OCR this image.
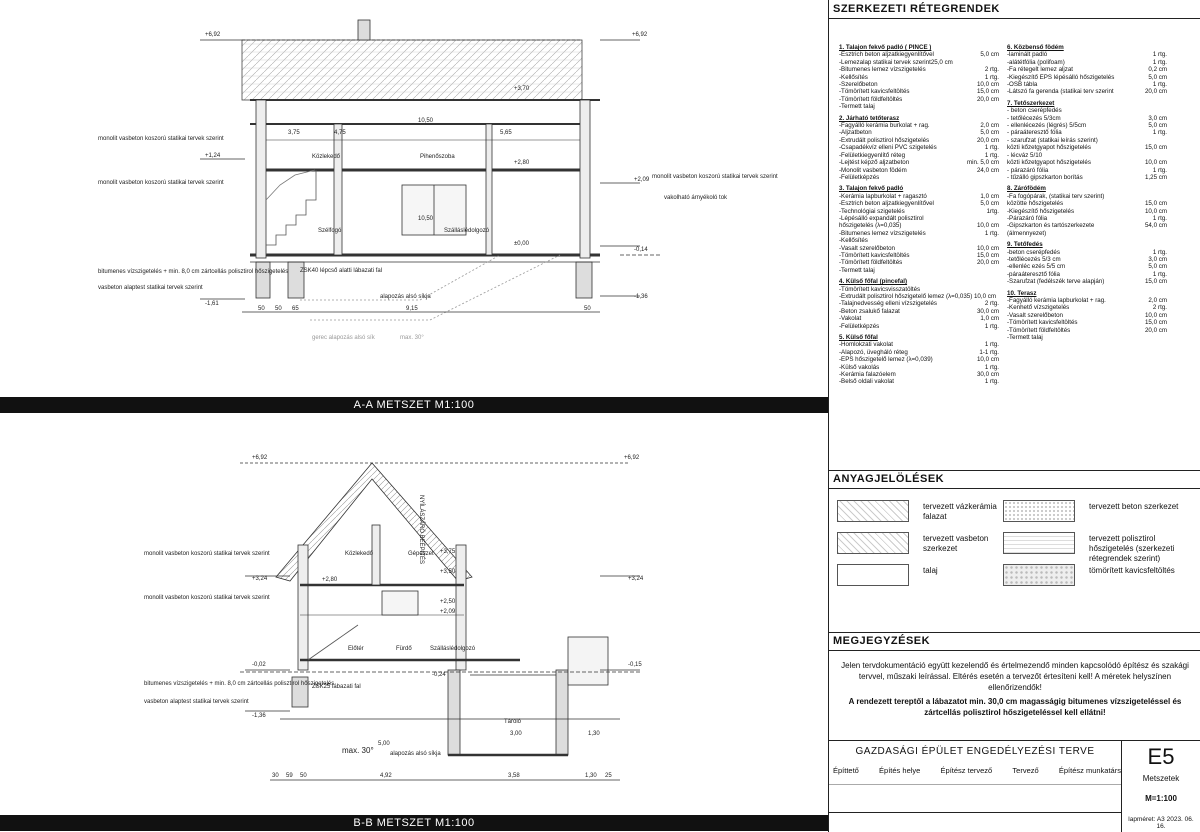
+6,92	+6,92
+1,24
+2,09
-0,14
-1,36
-1,61
±0,00
+2,80
+3,70
Közlekedő	Pihenőszoba
Szélfogó	Szálláslédolgozó
ZSK40 lépcső alatti lábazati fal
alapozás alsó síkja
gerec alapozás alsó sík	max. 30°
monolit vasbeton koszorú statikai tervek szerint
monolit vasbeton koszorú statikai tervek szerint
bitumenes vízszigetelés + min. 8,0 cm zártcellás polisztirol hőszigetelés
vasbeton alaptest statikai tervek szerint
monolit vasbeton koszorú statikai tervek szerint
vakolható árnyékoló tok
50 50 65	9,15	50
3,75	4,75
10,50
5,65
10,50
A-A METSZET M1:100
+6,92	+6,92
+3,24	+3,24
-0,02	-0,15
-1,36
-0,24
+2,80
+3,75
+3,50
+2,09
+2,50
Közlekedő	Gépészet
Előtér	Fürdő	Szálláslédolgozó
Tároló
NYÍLÁSZÁRÓ BEÉPÍTÉS
ZSK25 lábazati fal
alapozás alsó síkja
max. 30°
monolit vasbeton koszorú statikai tervek szerint
monolit vasbeton koszorú statikai tervek szerint
bitumenes vízszigetelés + min. 8,0 cm zártcellás polisztirol hőszigetelés
vasbeton alaptest statikai tervek szerint
30 59 50	4,92	3,58	1,30 25
5,00
3,00	1,30
B-B METSZET M1:100
SZERKEZETI RÉTEGRENDEK
1. Talajon fekvő padló ( PINCE )
-Esztrich beton aljzatkiegyenlítővel	5,0 cm
-Lemezalap statikai tervek szerint25,0 cm
-Bitumenes lemez vízszigetelés	2 rtg.
-Kellősítés	1 rtg.
-Szerelőbeton	10,0 cm
-Tömörített kavicsfeltöltés	15,0 cm
-Tömörített földfeltöltés	20,0 cm
-Termett talaj
2. Járható tetőterasz
-Fagyálló kerámia burkolat + rag.	2,0 cm
-Aljzatbeton	5,0 cm
-Extrudált polisztirol hőszigetelés	20,0 cm
-Csapadékvíz elleni PVC szigetelés	1 rtg.
-Felületkiegyenlítő réteg	1 rtg.
-Lejtést képző aljzatbeton	min. 5,0 cm
-Monolit vasbeton födém	24,0 cm
-Felületképzés
3. Talajon fekvő padló
-Kerámia lapburkolat + ragasztó	1,0 cm
-Esztrich beton aljzatkiegyenlítővel	5,0 cm
-Technológiai szigetelés	1rtg.
-Lépésálló expandált polisztirol
hőszigetelés (λ=0,035)	10,0 cm
-Bitumenes lemez vízszigetelés	1 rtg.
-Kellősítés
-Vasalt szerelőbeton	10,0 cm
-Tömörített kavicsfeltöltés	15,0 cm
-Tömörített földfeltöltés	20,0 cm
-Termett talaj
4. Külső főfal (pincefal)
-Tömörített kavicsvisszatöltés
-Extrudált polisztirol hőszigetelő lemez (λ=0,035) 10,0 cm
-Talajnedvesség elleni vízszigetelés	2 rtg.
-Beton zsalukő falazat	30,0 cm
-Vakolat	1,0 cm
-Felületképzés	1 rtg.
5. Külső főfal
-Homlokzati vakolat	1 rtg.
-Alapozó, üvegháló réteg	1-1 rtg.
-EPS hőszigetelő lemez (λ=0,039)	10,0 cm
-Külső vakolás	1 rtg.
-Kerámia falazóelem	30,0 cm
-Belső oldali vakolat	1 rtg.
6. Közbenső födém
-laminált padló	1 rtg.
-alátétfólia (polifoam)	1 rtg.
-Fa rétegelt lemez aljzat	0,2 cm
-Kiegészítő EPS lépésálló hőszigetelés	5,0 cm
-OSB tábla	1 rtg.
-Látszó fa gerenda (statikai terv szerint	20,0 cm
7. Tetőszerkezet
- beton cserépfedés
- tetőlécezés 5/3cm	3,0 cm
- ellenlécezés (légrés) 5/5cm	5,0 cm
- páraáteresztő fólia	1 rtg.
- szarufzat (statikai leírás szerint)
közti kőzetgyapot hőszigetelés	15,0 cm
- lécváz 5/10
közti kőzetgyapot hőszigetelés	10,0 cm
- párazáró fólia	1 rtg.
- tűzálló gipszkarton borítás	1,25 cm
8. Zárófödém
-Fa fogópárak, (statikai terv szerint)
közötte hőszigetelés	15,0 cm
-Kiegészítő hőszigetelés	10,0 cm
-Párazáró fólia	1 rtg.
-Gipszkarton és tartószerkezete	54,0 cm
(álmennyezet)
9. Tetőfedés
-beton cserépfedés	1 rtg.
-tetőlécezés 5/3 cm	3,0 cm
-ellenléc ezés 5/5 cm	5,0 cm
-páraáteresztő fólia	1 rtg.
-Szarufzat (fedélszék terve alapján)	15,0 cm
10. Terasz
-Fagyálló kerámia lapburkolat + rag.	2,0 cm
-Kenhető vízszigetelés	2 rtg.
-Vasalt szerelőbeton	10,0 cm
-Tömörített kavicsfeltöltés	15,0 cm
-Tömörített földfeltöltés	20,0 cm
-Termett talaj
ANYAGJELÖLÉSEK
tervezett vázkerámia falazat
tervezett beton szerkezet
tervezett vasbeton szerkezet
tervezett polisztirol hőszigetelés (szerkezeti rétegrendek szerint)
talaj	tömörített kavicsfeltöltés
MEGJEGYZÉSEK
Jelen tervdokumentáció együtt kezelendő és értelmezendő minden kapcsolódó építész és szakági tervvel, műszaki leírással. Eltérés esetén a tervezőt értesíteni kell! A méretek helyszínen ellenőrizendők!
A rendezett tereptől a lábazatot min. 30,0 cm magasságig bitumenes vízszigeteléssel és zártcellás polisztirol hőszigeteléssel kell ellátni!
GAZDASÁGI ÉPÜLET ENGEDÉLYEZÉSI TERVE
Építtető	Építés helye	Építész tervező	Tervező	Építész munkatárs
E5
Metszetek
M=1:100
lapméret: A3 2023. 06. 16.
